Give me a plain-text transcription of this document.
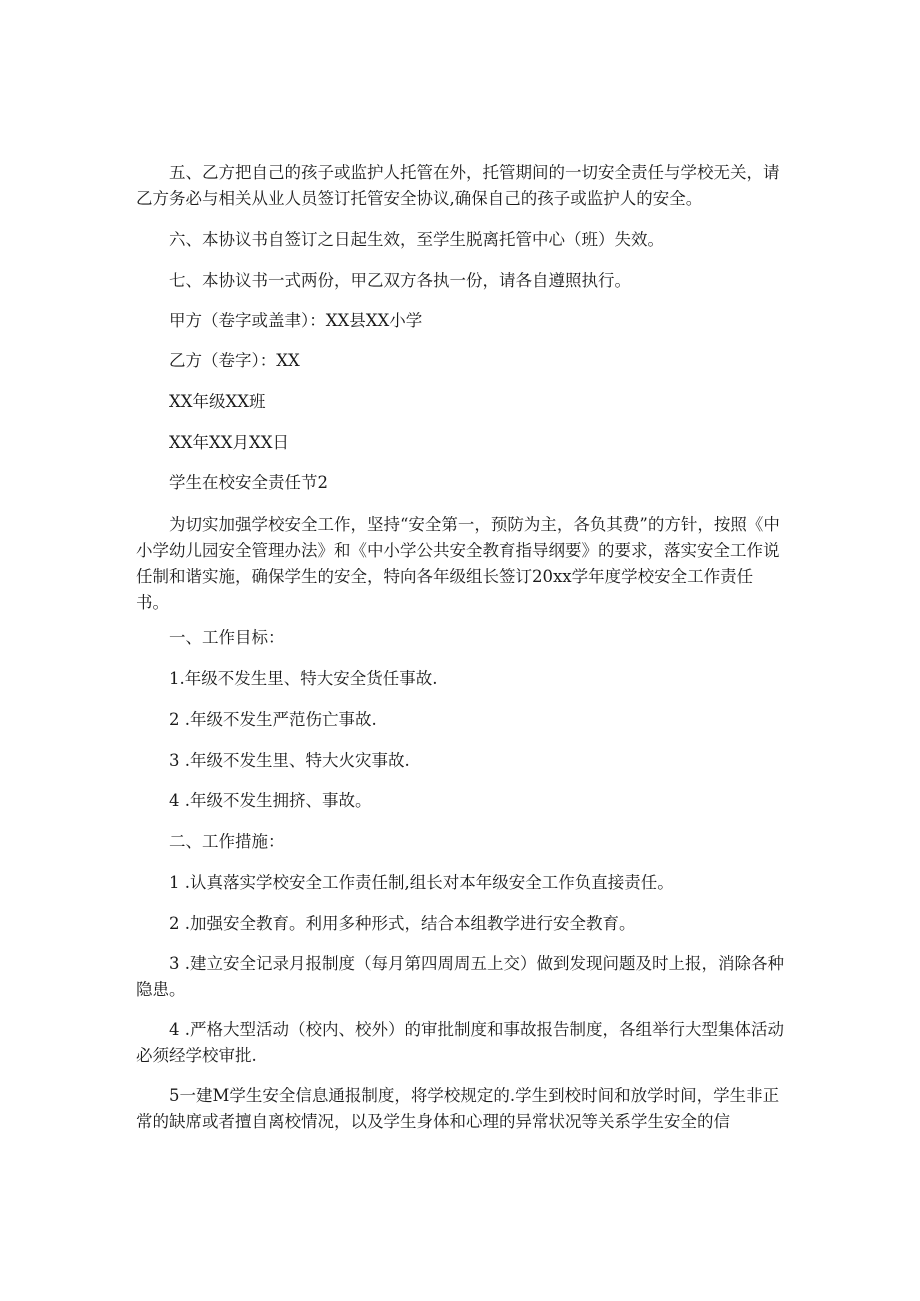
五、乙方把自己的孩子或监护人托管在外，托管期间的一切安全责任与学校无关，请乙方务必与相关从业人员签订托管安全协议,确保自己的孩子或监护人的安全。

六、本协议书自签订之日起生效，至学生脱离托管中心（班）失效。

七、本协议书一式两份，甲乙双方各执一份，请各自遵照执行。

甲方（卷字或盖聿）：XX县XX小学

乙方（卷字）：XX

XX年级XX班

XX年XX月XX日

学生在校安全责任节2

为切实加强学校安全工作，坚持“安全第一，预防为主，各负其费”的方针，按照《中小学幼儿园安全管理办法》和《中小学公共安全教育指导纲要》的要求，落实安全工作说任制和谐实施，确保学生的安全，特向各年级组长签订20xx学年度学校安全工作责任书。

一、工作目标：

1.年级不发生里、特大安全货任事故.

2 .年级不发生严范伤亡事故.

3 .年级不发生里、特大火灾事故.

4 .年级不发生拥挤、事故。

二、工作措施：

1 .认真落实学校安全工作责任制,组长对本年级安全工作负直接责任。

2 .加强安全教育。利用多种形式，结合本组教学进行安全教育。

3 .建立安全记录月报制度（每月第四周周五上交）做到发现问题及时上报，消除各种隐患。

4 .严格大型活动（校内、校外）的审批制度和事故报告制度，各组举行大型集体活动必须经学校审批.

5一建M学生安全信息通报制度，将学校规定的.学生到校时间和放学时间，学生非正常的缺席或者擅自离校情况，以及学生身体和心理的异常状况等关系学生安全的信
